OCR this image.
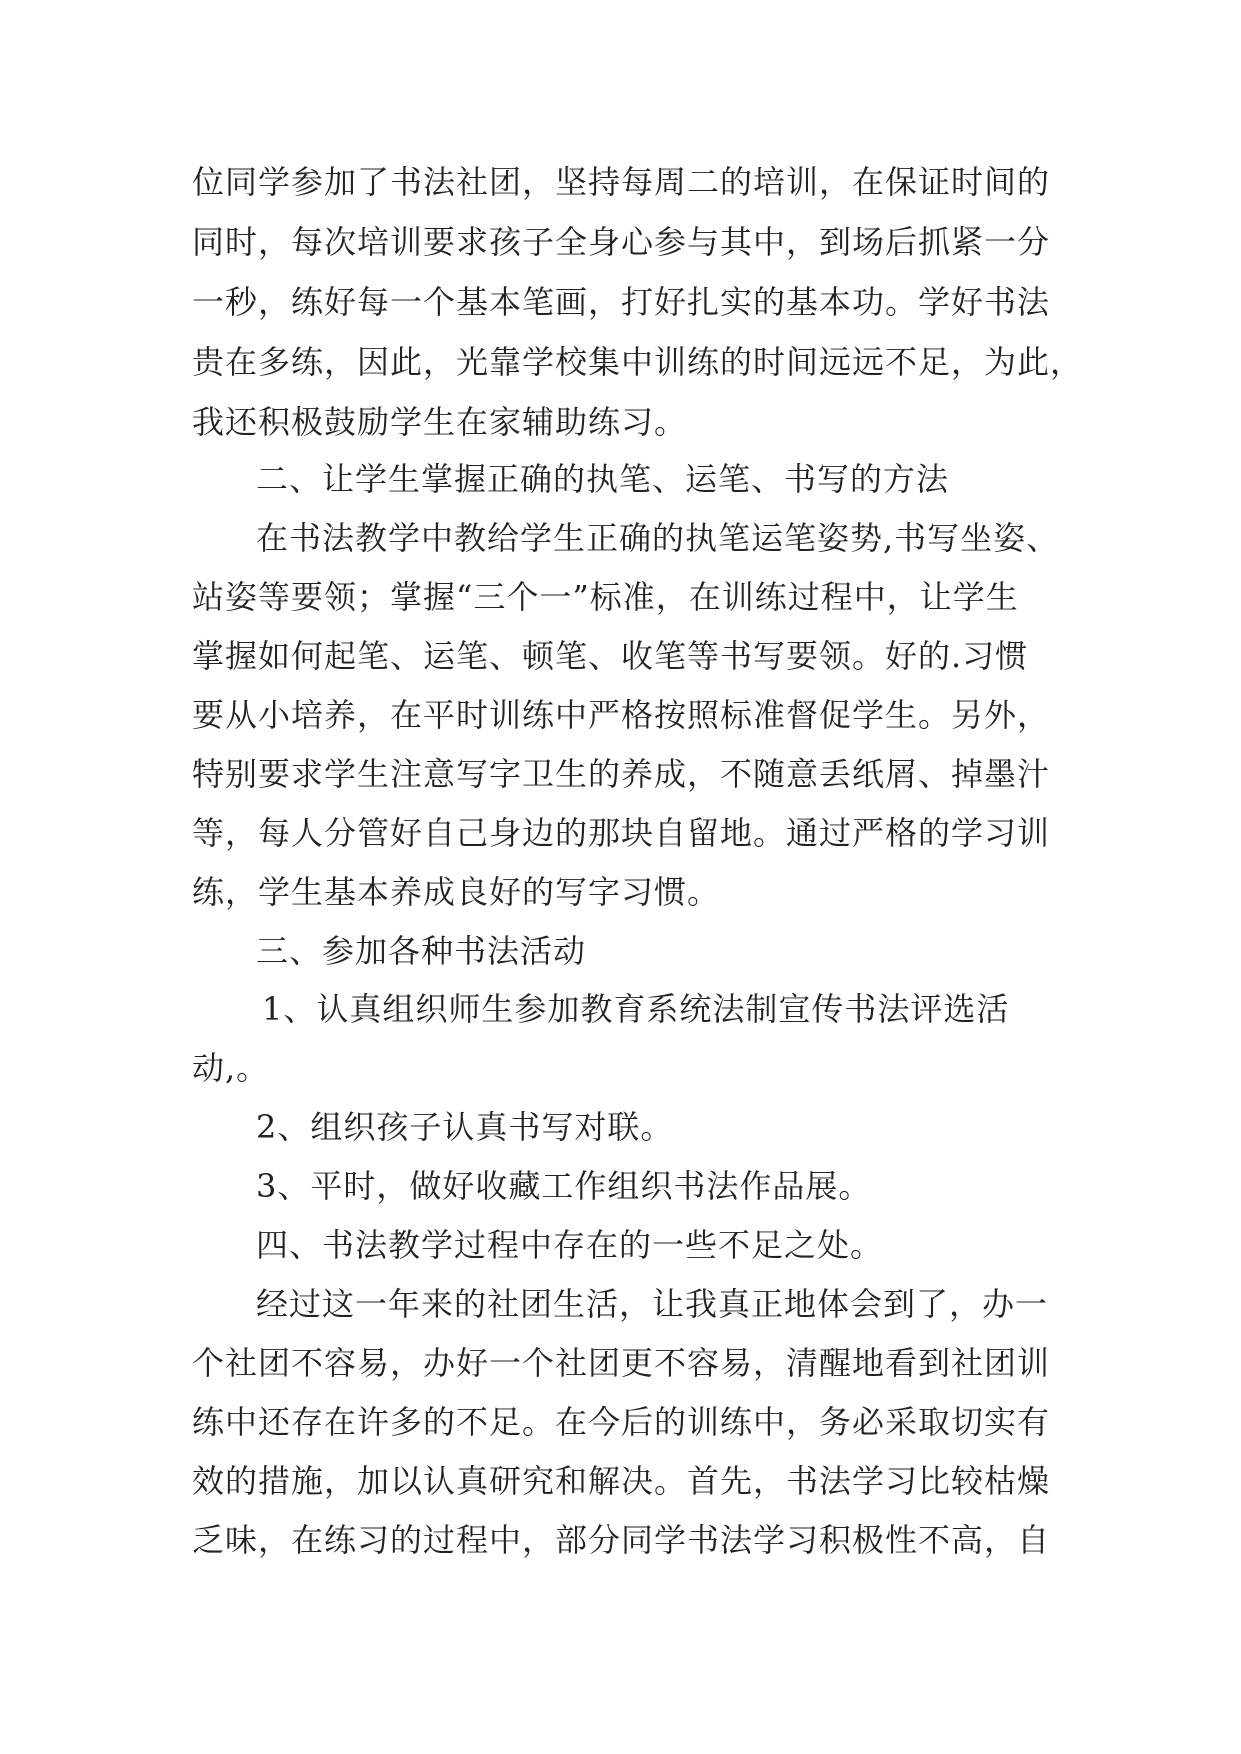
位同学参加了书法社团，坚持每周二的培训，在保证时间的
同时，每次培训要求孩子全身心参与其中，到场后抓紧一分
一秒，练好每一个基本笔画，打好扎实的基本功。学好书法
贵在多练，因此，光靠学校集中训练的时间远远不足，为此，
我还积极鼓励学生在家辅助练习。
二、让学生掌握正确的执笔、运笔、书写的方法
在书法教学中教给学生正确的执笔运笔姿势,书写坐姿、
站姿等要领；掌握“三个一”标准，在训练过程中，让学生
掌握如何起笔、运笔、顿笔、收笔等书写要领。好的.习惯
要从小培养，在平时训练中严格按照标准督促学生。另外，
特别要求学生注意写字卫生的养成，不随意丢纸屑、掉墨汁
等，每人分管好自己身边的那块自留地。通过严格的学习训
练，学生基本养成良好的写字习惯。
三、参加各种书法活动
1、认真组织师生参加教育系统法制宣传书法评选活
动,。
2、组织孩子认真书写对联。
3、平时，做好收藏工作组织书法作品展。
四、书法教学过程中存在的一些不足之处。
经过这一年来的社团生活，让我真正地体会到了，办一
个社团不容易，办好一个社团更不容易，清醒地看到社团训
练中还存在许多的不足。在今后的训练中，务必采取切实有
效的措施，加以认真研究和解决。首先，书法学习比较枯燥
乏味，在练习的过程中，部分同学书法学习积极性不高，自
